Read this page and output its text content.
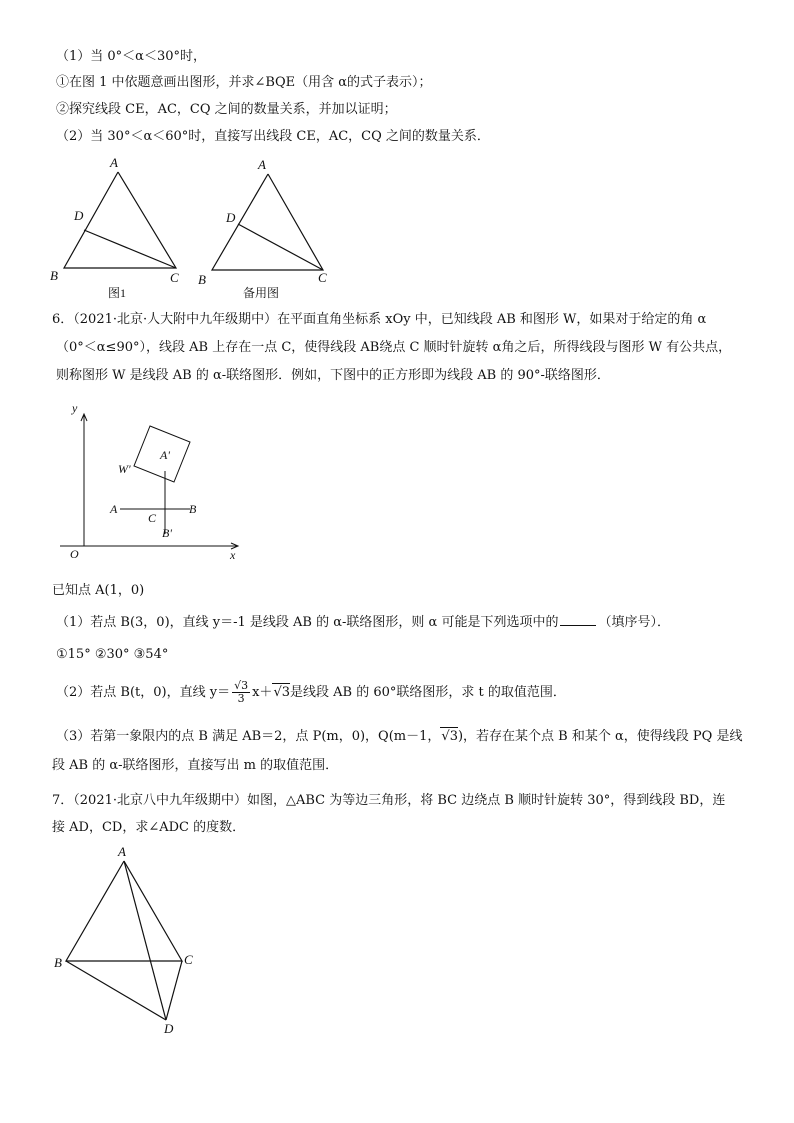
（1）当 0°＜α＜30°时，
①在图 1 中依题意画出图形，并求∠BQE（用含 α的式子表示）；
②探究线段 CE，AC，CQ 之间的数量关系，并加以证明；
（2）当 30°＜α＜60°时，直接写出线段 CE，AC，CQ 之间的数量关系．
A
D
B	C
A
D
B	C
图1	备用图
6．（2021·北京·人大附中九年级期中）在平面直角坐标系 xOy 中，已知线段 AB 和图形 W，如果对于给定的角 α
（0°＜α≤90°），线段 AB 上存在一点 C，使得线段 AB绕点 C 顺时针旋转 α角之后，所得线段与图形 W 有公共点，
则称图形 W 是线段 AB 的 α-联络图形．例如，下图中的正方形即为线段 AB 的 90°-联络图形．
y
x
O
W'
A'
A	B
C
B'
已知点 A(1，0)
（1）若点 B(3，0)，直线 y＝-1 是线段 AB 的 α-联络图形，则 α 可能是下列选项中的	（填序号）．
①15° ②30° ③54°
（2）若点 B(t，0)，直线 $y= \frac{√3}{3} x+√$ 3是线段 AB 的 60°联络图形，求 t 的取值范围．
（3）若第一象限内的点 B 满足 AB＝2，点 P(m，0)，Q(m－1，√ 3)，若存在某个点 B 和某个 α，使得线段 PQ 是线
段 AB 的 α-联络图形，直接写出 m 的取值范围．
7．（2021·北京八中九年级期中）如图，△ABC 为等边三角形，将 BC 边绕点 B 顺时针旋转 30°，得到线段 BD，连
接 AD，CD，求∠ADC 的度数．
A
B	C
D
